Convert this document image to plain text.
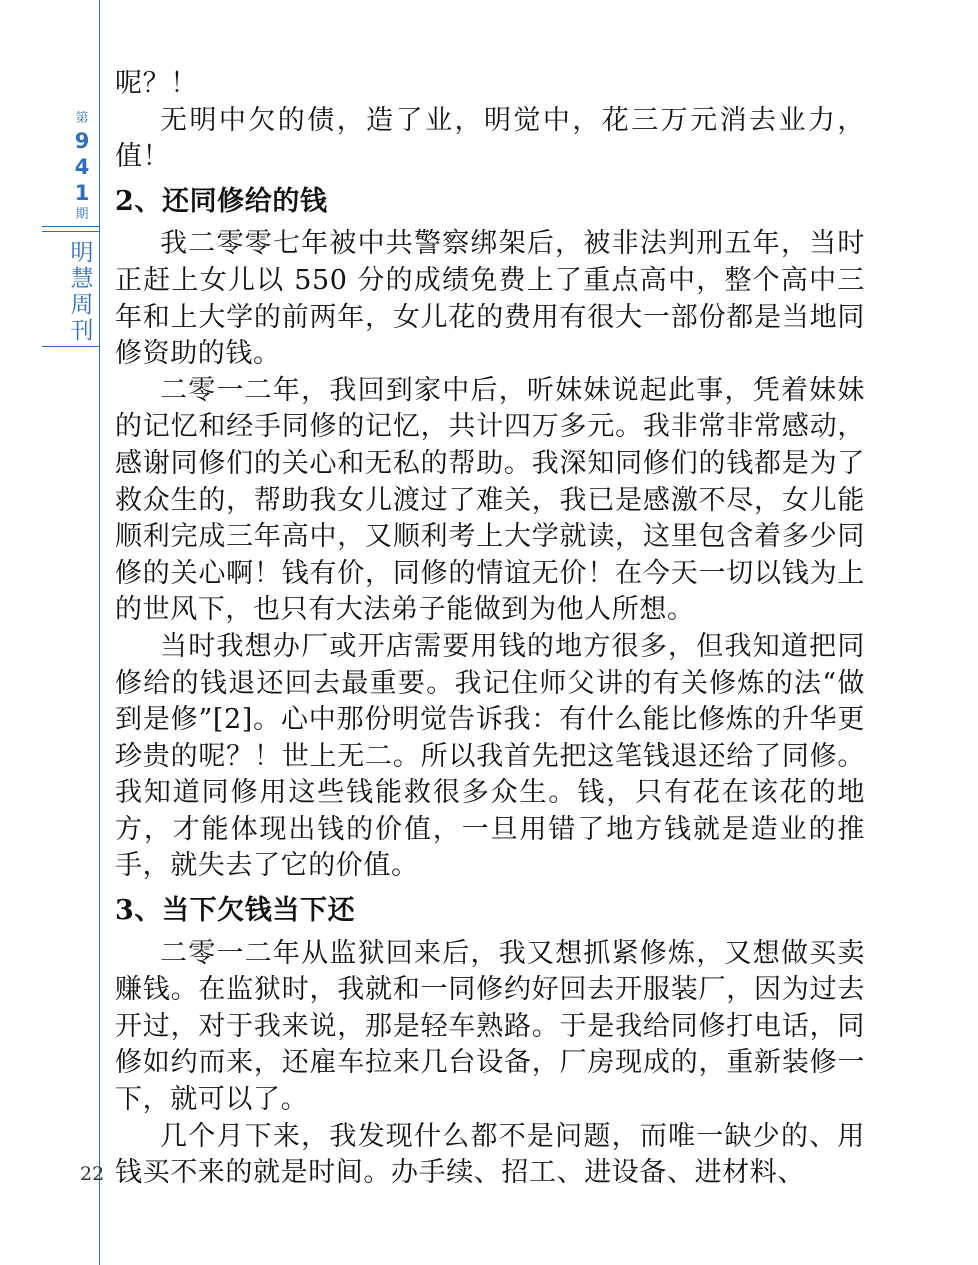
第
9
4
1
期
明
慧
周
刊
22

呢？！

无明中欠的债，造了业，明觉中，花三万元消去业力，值！

2、还同修给的钱

我二零零七年被中共警察绑架后，被非法判刑五年，当时正赶上女儿以 550 分的成绩免费上了重点高中，整个高中三年和上大学的前两年，女儿花的费用有很大一部份都是当地同修资助的钱。

二零一二年，我回到家中后，听妹妹说起此事，凭着妹妹的记忆和经手同修的记忆，共计四万多元。我非常非常感动，感谢同修们的关心和无私的帮助。我深知同修们的钱都是为了救众生的，帮助我女儿渡过了难关，我已是感激不尽，女儿能顺利完成三年高中，又顺利考上大学就读，这里包含着多少同修的关心啊！钱有价，同修的情谊无价！在今天一切以钱为上的世风下，也只有大法弟子能做到为他人所想。

当时我想办厂或开店需要用钱的地方很多，但我知道把同修给的钱退还回去最重要。我记住师父讲的有关修炼的法“做到是修”[2]。心中那份明觉告诉我：有什么能比修炼的升华更珍贵的呢？！世上无二。所以我首先把这笔钱退还给了同修。我知道同修用这些钱能救很多众生。钱，只有花在该花的地方，才能体现出钱的价值，一旦用错了地方钱就是造业的推手，就失去了它的价值。

3、当下欠钱当下还

二零一二年从监狱回来后，我又想抓紧修炼，又想做买卖赚钱。在监狱时，我就和一同修约好回去开服装厂，因为过去开过，对于我来说，那是轻车熟路。于是我给同修打电话，同修如约而来，还雇车拉来几台设备，厂房现成的，重新装修一下，就可以了。

几个月下来，我发现什么都不是问题，而唯一缺少的、用钱买不来的就是时间。办手续、招工、进设备、进材料、
